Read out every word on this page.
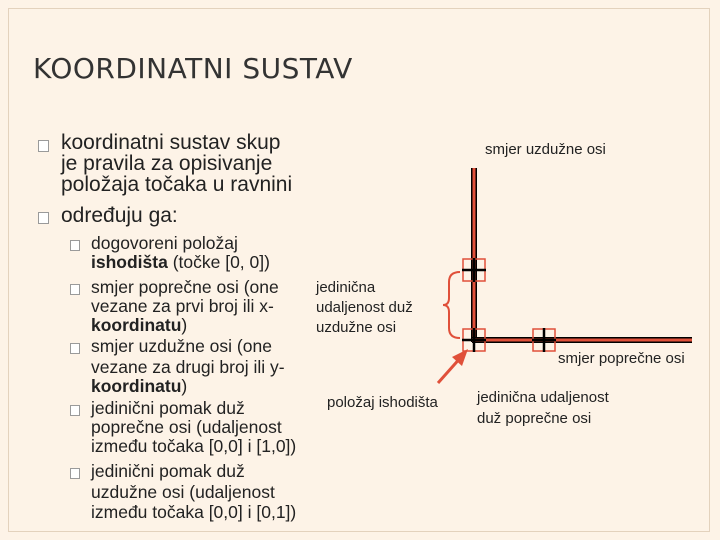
KOORDINATNI SUSTAV
koordinatni sustav skup
je pravila za opisivanje
položaja točaka u ravnini
određuju ga:
dogovoreni položaj
ishodišta (točke [0, 0])
smjer poprečne osi (one
vezane za prvi broj ili x-
koordinatu)
smjer uzdužne osi (one
vezane za drugi broj ili y-
koordinatu)
jedinični pomak duž
poprečne osi (udaljenost
između točaka [0,0] i [1,0])
jedinični pomak duž
uzdužne osi (udaljenost
između točaka [0,0] i [0,1])
smjer uzdužne osi
smjer poprečne osi
položaj ishodišta
jedinična
udaljenost duž
uzdužne osi
jedinična udaljenost
duž poprečne osi
